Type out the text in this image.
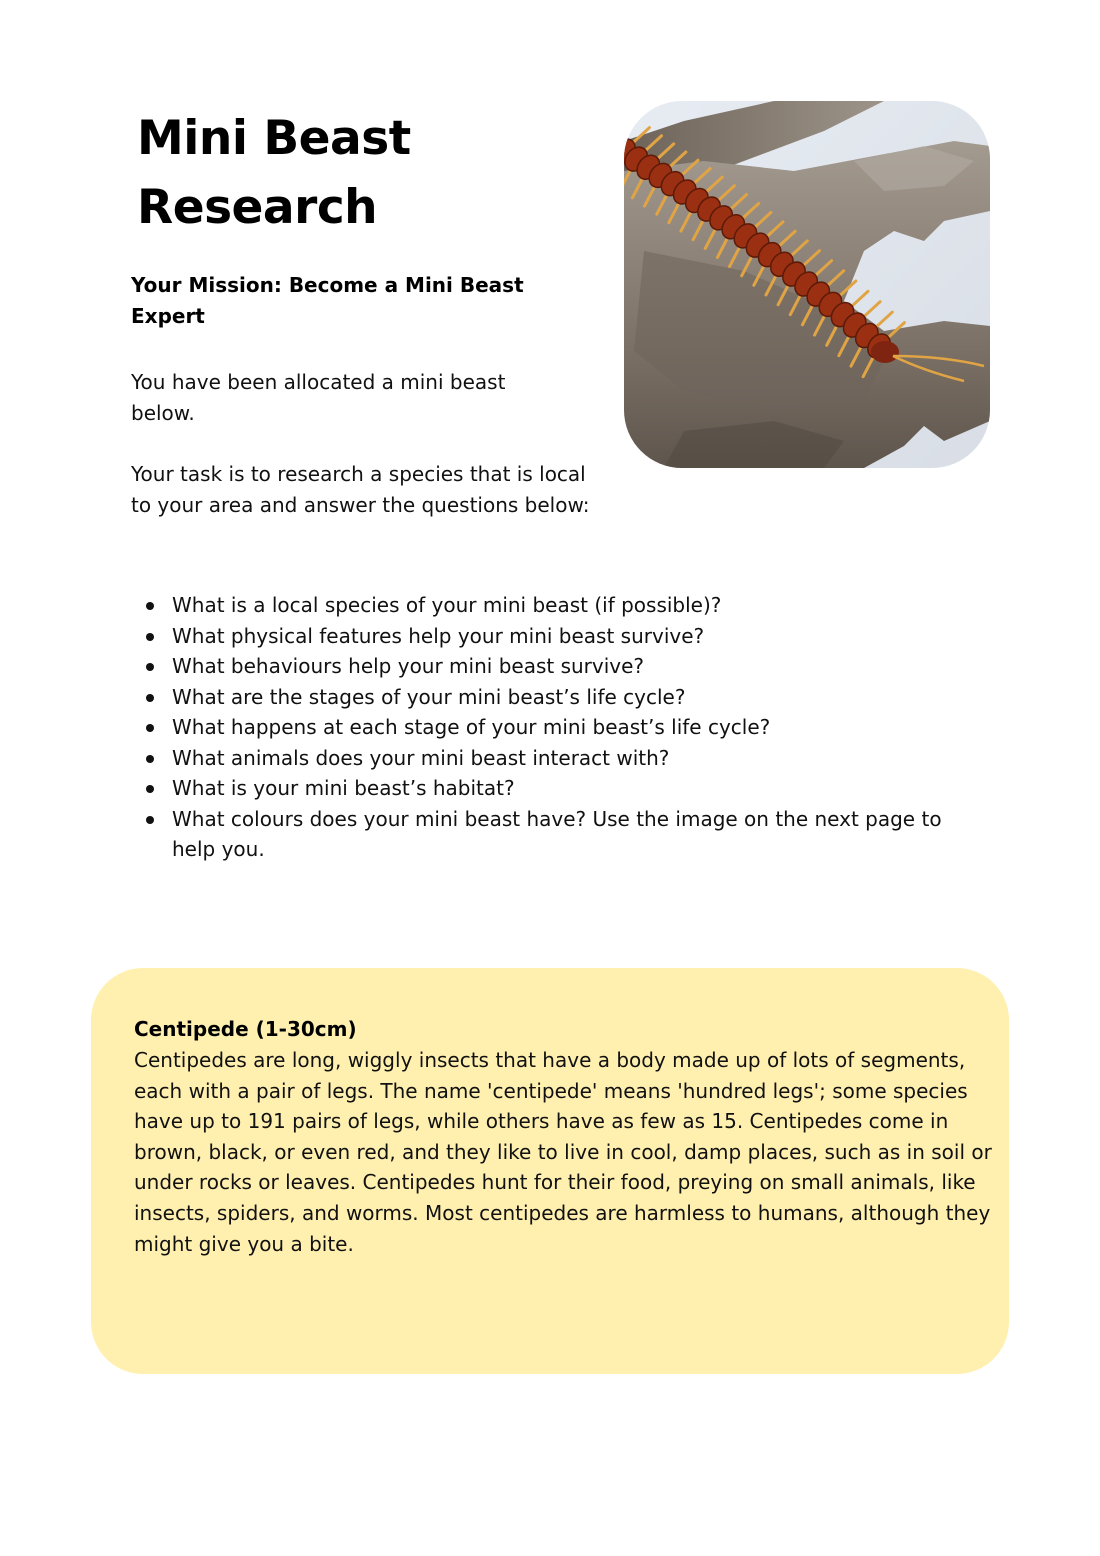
Mini Beast Research

Your Mission: Become a Mini Beast Expert

You have been allocated a mini beast below.

Your task is to research a species that is local to your area and answer the questions below:

What is a local species of your mini beast (if possible)?
What physical features help your mini beast survive?
What behaviours help your mini beast survive?
What are the stages of your mini beast’s life cycle?
What happens at each stage of your mini beast’s life cycle?
What animals does your mini beast interact with?
What is your mini beast’s habitat?
What colours does your mini beast have? Use the image on the next page to help you.

Centipede (1-30cm)

Centipedes are long, wiggly insects that have a body made up of lots of segments, each with a pair of legs. The name 'centipede' means 'hundred legs'; some species have up to 191 pairs of legs, while others have as few as 15. Centipedes come in brown, black, or even red, and they like to live in cool, damp places, such as in soil or under rocks or leaves. Centipedes hunt for their food, preying on small animals, like insects, spiders, and worms. Most centipedes are harmless to humans, although they might give you a bite.
